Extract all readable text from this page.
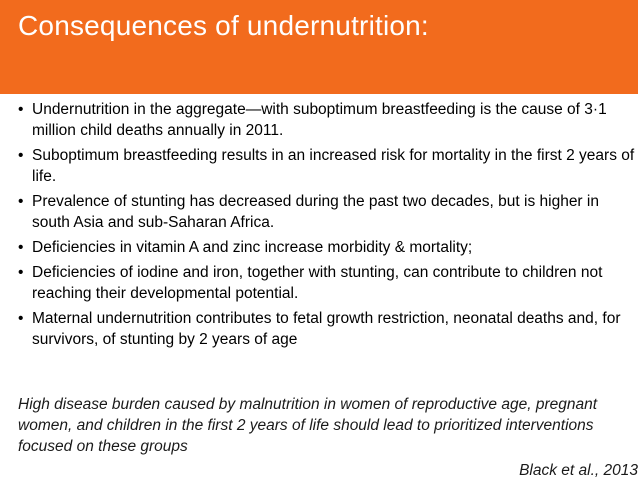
Consequences of undernutrition:
• Undernutrition in the aggregate—with suboptimum breastfeeding is the cause of 3·1 million child deaths annually in 2011.
• Suboptimum breastfeeding results in an increased risk for mortality in the first 2 years of life.
• Prevalence of stunting has decreased during the past two decades, but is higher in south Asia and sub-Saharan Africa.
• Deficiencies in vitamin A and zinc increase morbidity & mortality;
• Deficiencies of iodine and iron, together with stunting, can contribute to children not reaching their developmental potential.
• Maternal undernutrition contributes to fetal growth restriction, neonatal deaths and, for survivors, of stunting by 2 years of age
High disease burden caused by malnutrition in women of reproductive age, pregnant women, and children in the first 2 years of life should lead to prioritized interventions focused on these groups
Black et al., 2013
